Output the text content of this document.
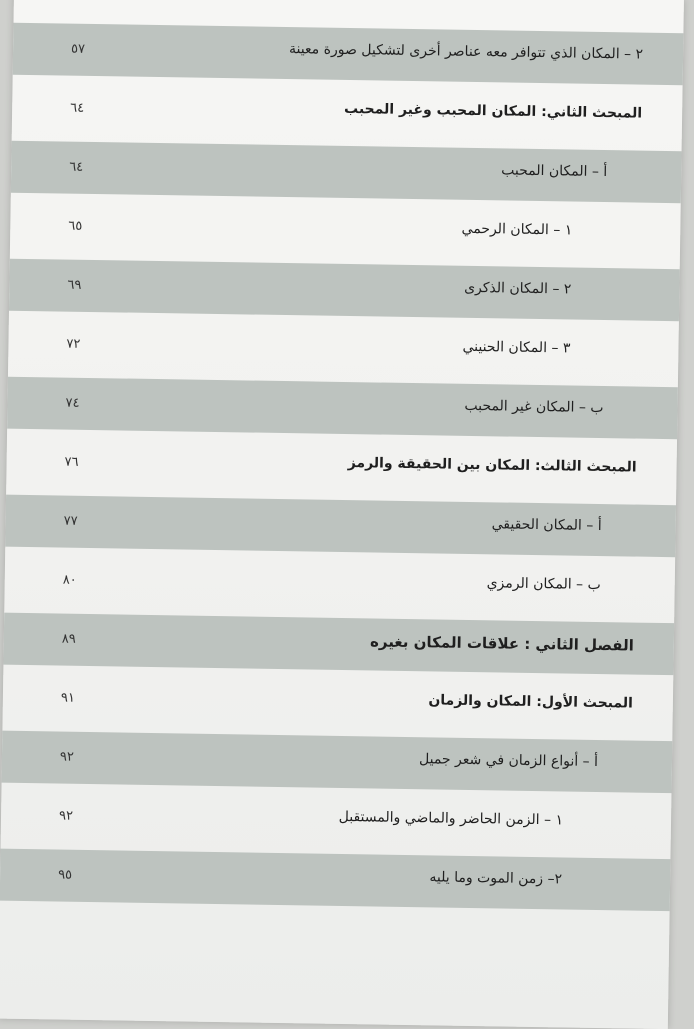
٢ – المكان الذي تتوافر معه عناصر أخرى لتشكيل صورة معينة
٥٧
المبحث الثاني: المكان المحبب وغير المحبب
٦٤
أ – المكان المحبب
٦٤
١ – المكان الرحمي
٦٥
٢ – المكان الذكرى
٦٩
٣ – المكان الحنيني
٧٢
ب – المكان غير المحبب
٧٤
المبحث الثالث: المكان بين الحقيقة والرمز
٧٦
أ – المكان الحقيقي
٧٧
ب – المكان الرمزي
٨٠
الفصل الثاني : علاقات المكان بغيره
٨٩
المبحث الأول: المكان والزمان
٩١
أ – أنواع الزمان في شعر جميل
٩٢
١ – الزمن الحاضر والماضي والمستقبل
٩٢
٢– زمن الموت وما يليه
٩٥
